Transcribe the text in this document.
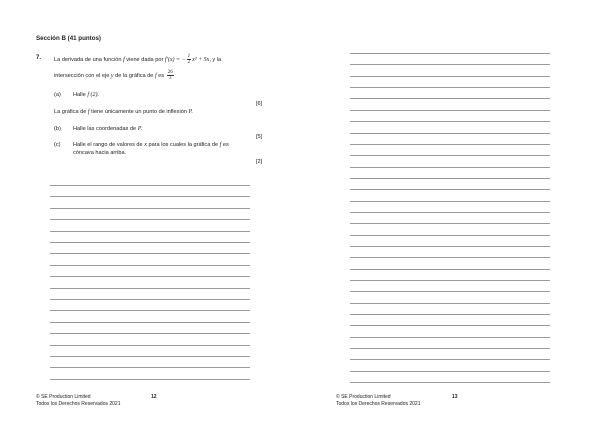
Sección B (41 puntos)
7. La derivada de una función f viene dada por f′(x) = − $\frac{1}{2} x^2 + 5x$, y la
intersección con el eje y de la gráfica de f es $\frac{26}{3}$
(a) Halle f (2).
[6]
La gráfica de f tiene únicamente un punto de inflexión P.
(b) Halle las coordenadas de P.
[5]
(c) Halle el rango de valores de x para los cuales la gráfica de f es
cóncava hacia arriba.
[2]
© SE Production Limited
Todos los Derechos Reservados 2021
12	© SE Production Limited
Todos los Derechos Reservados 2021
13
